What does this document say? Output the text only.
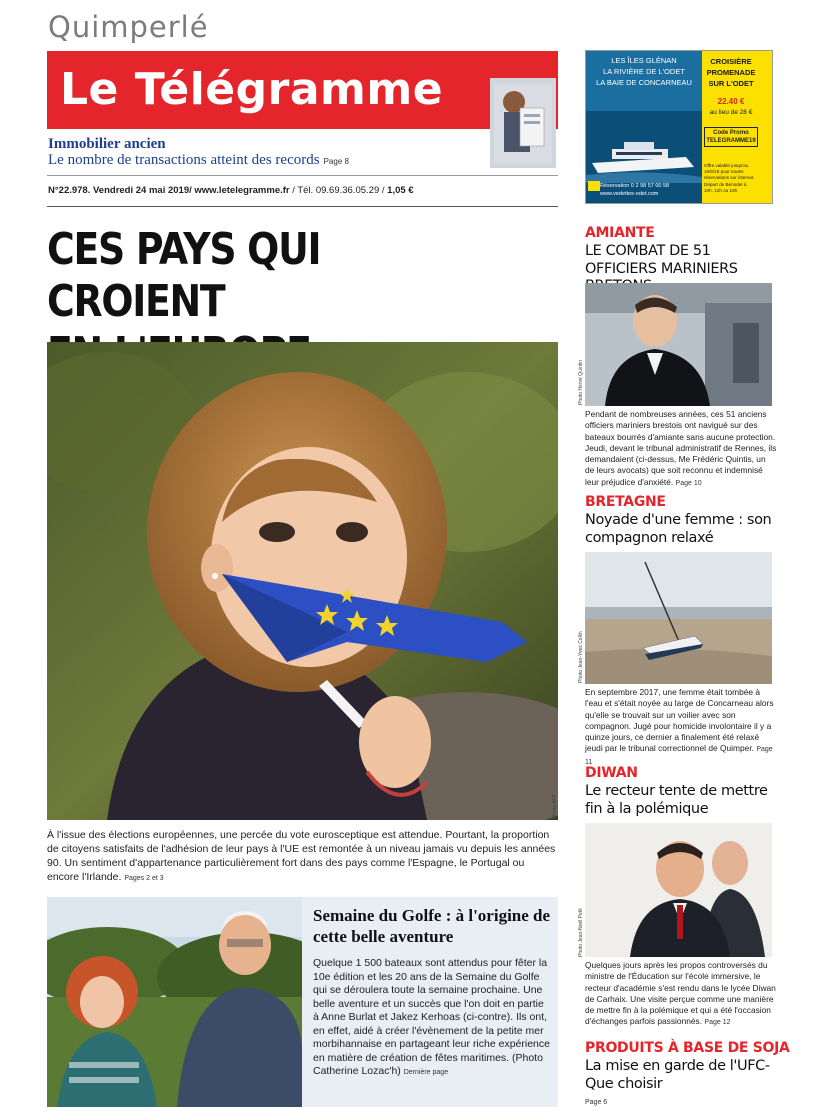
Quimperlé
Le Télégramme
Immobilier ancien
Le nombre de transactions atteint des records Page 8
N°22.978. Vendredi 24 mai 2019/ www.letelegramme.fr / Tél. 09.69.36.05.29 / 1,05 €
LES ÎLES GLÉNAN
LA RIVIÈRE DE L'ODET
LA BAIE DE CONCARNEAU
Réservation 0 2 98 57 00 58
www.vedettes-odet.com
CROISIÈRE
PROMENADE
SUR L'ODET
22.40 €
au lieu de 28 €
Code Promo
TELEGRAMME19
Offre valable jusqu'au
16/6/19 pour toutes
réservations sur internet.
Départ de Bénodet à
10h, 12h ou 15h
CES PAYS QUI CROIENT
Photo AFP
À l'issue des élections européennes, une percée du vote eurosceptique est attendue. Pourtant, la proportion de citoyens satisfaits de l'adhésion de leur pays à l'UE est remontée à un niveau jamais vu depuis les années 90. Un sentiment d'appartenance particulièrement fort dans des pays comme l'Espagne, le Portugal ou encore l'Irlande. Pages 2 et 3
Semaine du Golfe : à l'origine de cette belle aventure
Quelque 1 500 bateaux sont attendus pour fêter la 10e édition et les 20 ans de la Semaine du Golfe qui se déroulera toute la semaine prochaine. Une belle aventure et un succès que l'on doit en partie à Anne Burlat et Jakez Kerhoas (ci-contre). Ils ont, en effet, aidé à créer l'évènement de la petite mer morbihannaise en partageant leur riche expérience en matière de création de fêtes maritimes. (Photo Catherine Lozac'h) Dernière page
AMIANTE
LE COMBAT DE 51 OFFICIERS MARINIERS
Photo Hervé Quintin
Pendant de nombreuses années, ces 51 anciens officiers mariniers brestois ont navigué sur des bateaux bourrés d'amiante sans aucune protection. Jeudi, devant le tribunal administratif de Rennes, ils demandaient (ci-dessus, Me Frédéric Quintis, un de leurs avocats) que soit reconnu et indemnisé leur préjudice d'anxiété. Page 10
BRETAGNE
Noyade d'une femme : son compagnon relaxé
Photo Jean-Yves Collin
En septembre 2017, une femme était tombée à l'eau et s'était noyée au large de Concarneau alors qu'elle se trouvait sur un voilier avec son compagnon. Jugé pour homicide involontaire il y a quinze jours, ce dernier a finalement été relaxé jeudi par le tribunal correctionnel de Quimper. Page 11
DIWAN
Le recteur tente de mettre fin à la polémique
Photo Jean-Noël Petit
Quelques jours après les propos controversés du ministre de l'Éducation sur l'école immersive, le recteur d'académie s'est rendu dans le lycée Diwan de Carhaix. Une visite perçue comme une manière de mettre fin à la polémique et qui a été l'occasion d'échanges parfois passionnés. Page 12
PRODUITS À BASE DE SOJA
La mise en garde de l'UFC-Que choisir
Page 6
